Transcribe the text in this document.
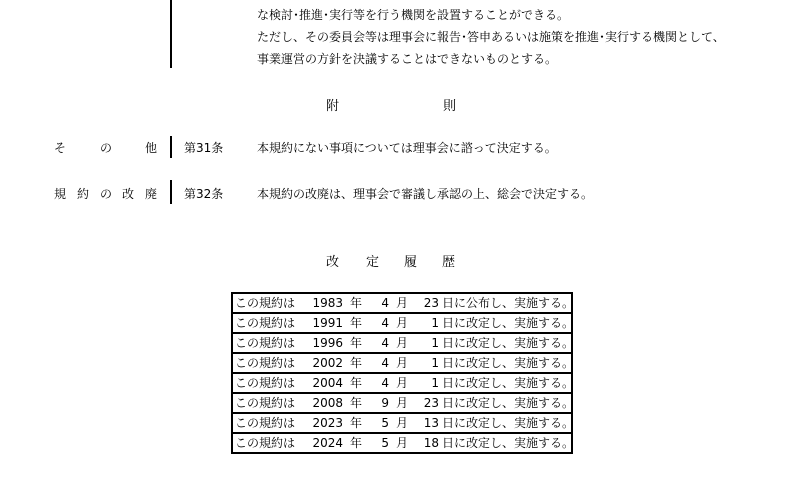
な検討･推進･実行等を行う機関を設置することができる。
ただし、その委員会等は理事会に報告･答申あるいは施策を推進･実行する機関として、
事業運営の方針を決議することはできないものとする。
附	則
そ	の	他 第31条	本規約にない事項については理事会に諮って決定する。
規 約 の 改 廃 第32条	本規約の改廃は、理事会で審議し承認の上、総会で決定する。
改 定 履 歴
この規約は	1983 年	4 月 23 日に公布し、実施する。

この規約は	1991 年	4 月	1 日に改定し、実施する。

この規約は	1996 年	4 月	1 日に改定し、実施する。

この規約は	2002 年	4 月	1 日に改定し、実施する。

この規約は	2004 年	4 月	1 日に改定し、実施する。

この規約は	2008 年	9 月 23 日に改定し、実施する。

この規約は	2023 年	5 月 13 日に改定し、実施する。

この規約は	2024 年	5 月 18 日に改定し、実施する。
